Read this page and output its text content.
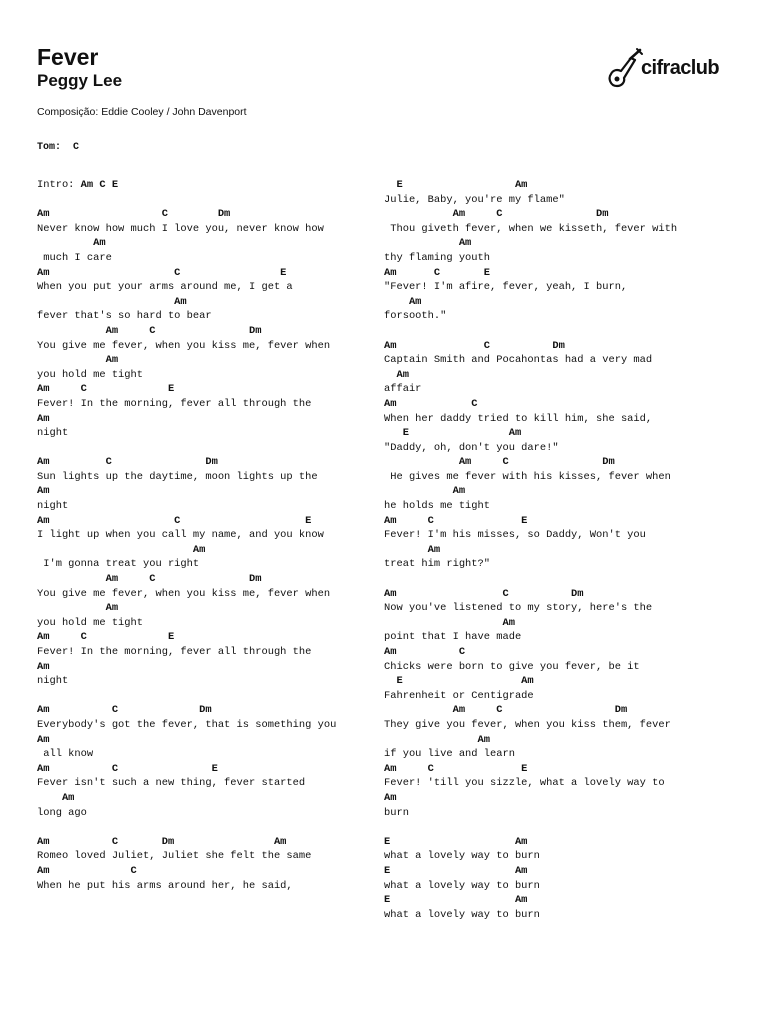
Fever
Peggy Lee
Composição: Eddie Cooley / John Davenport
cifraclub
Tom:  C
Intro: Am C E
Am                  C        Dm
Never know how much I love you, never know how
Am
much I care
Am                    C                E
When you put your arms around me, I get a
Am
fever that's so hard to bear
Am     C               Dm
You give me fever, when you kiss me, fever when
Am
you hold me tight
Am     C             E
Fever! In the morning, fever all through the
Am
night
Am         C               Dm
Sun lights up the daytime, moon lights up the
Am
night
Am                    C                    E
I light up when you call my name, and you know
Am
I'm gonna treat you right
Am     C               Dm
You give me fever, when you kiss me, fever when
Am
you hold me tight
Am     C             E
Fever! In the morning, fever all through the
Am
night
Am          C             Dm
Everybody's got the fever, that is something you
Am
all know
Am          C               E
Fever isn't such a new thing, fever started
Am
long ago
Am          C       Dm                Am
Romeo loved Juliet, Juliet she felt the same
Am             C
When he put his arms around her, he said,
E                  Am
Julie, Baby, you're my flame"
Am     C               Dm
Thou giveth fever, when we kisseth, fever with
Am
thy flaming youth
Am      C       E
"Fever! I'm afire, fever, yeah, I burn,
Am
forsooth."
Am              C          Dm
Captain Smith and Pocahontas had a very mad
Am
affair
Am            C
When her daddy tried to kill him, she said,
E                Am
"Daddy, oh, don't you dare!"
Am     C               Dm
He gives me fever with his kisses, fever when
Am
he holds me tight
Am     C              E
Fever! I'm his misses, so Daddy, Won't you
Am
treat him right?"
Am                 C          Dm
Now you've listened to my story, here's the
Am
point that I have made
Am          C
Chicks were born to give you fever, be it
E                   Am
Fahrenheit or Centigrade
Am     C                  Dm
They give you fever, when you kiss them, fever
Am
if you live and learn
Am     C              E
Fever! 'till you sizzle, what a lovely way to
Am
burn
E                    Am
what a lovely way to burn
E                    Am
what a lovely way to burn
E                    Am
what a lovely way to burn
